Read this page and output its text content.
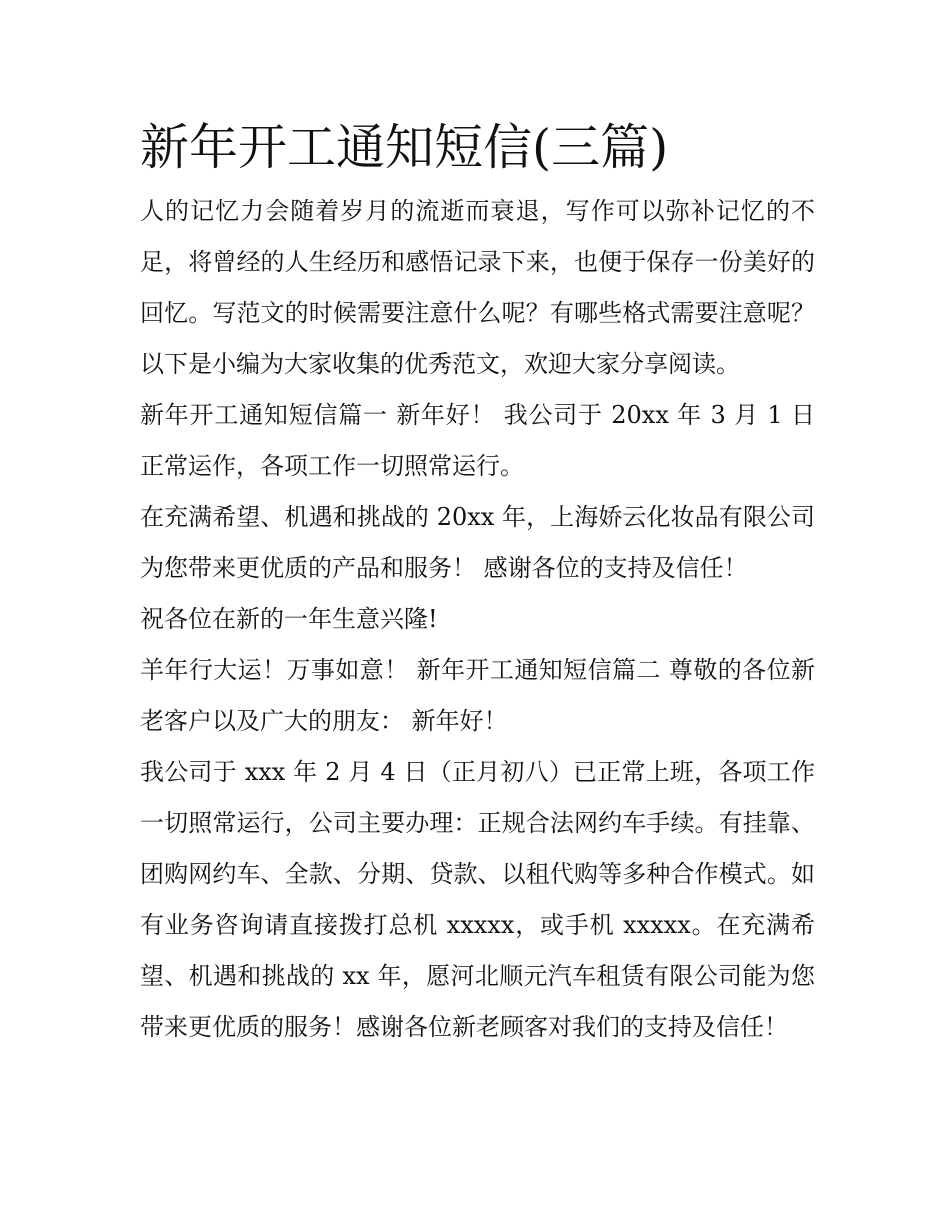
新年开工通知短信(三篇)

人的记忆力会随着岁月的流逝而衰退，写作可以弥补记忆的不足，将曾经的人生经历和感悟记录下来，也便于保存一份美好的回忆。写范文的时候需要注意什么呢？有哪些格式需要注意呢？以下是小编为大家收集的优秀范文，欢迎大家分享阅读。

新年开工通知短信篇一 新年好！ 我公司于 20xx 年 3 月 1 日正常运作，各项工作一切照常运行。

在充满希望、机遇和挑战的 20xx 年，上海娇云化妆品有限公司为您带来更优质的产品和服务！ 感谢各位的支持及信任！

祝各位在新的一年生意兴隆!

羊年行大运！万事如意！ 新年开工通知短信篇二 尊敬的各位新老客户以及广大的朋友： 新年好！

我公司于 xxx 年 2 月 4 日（正月初八）已正常上班，各项工作一切照常运行，公司主要办理：正规合法网约车手续。有挂靠、团购网约车、全款、分期、贷款、以租代购等多种合作模式。如有业务咨询请直接拨打总机 xxxxx，或手机 xxxxx。在充满希望、机遇和挑战的 xx 年，愿河北顺元汽车租赁有限公司能为您带来更优质的服务！感谢各位新老顾客对我们的支持及信任！
